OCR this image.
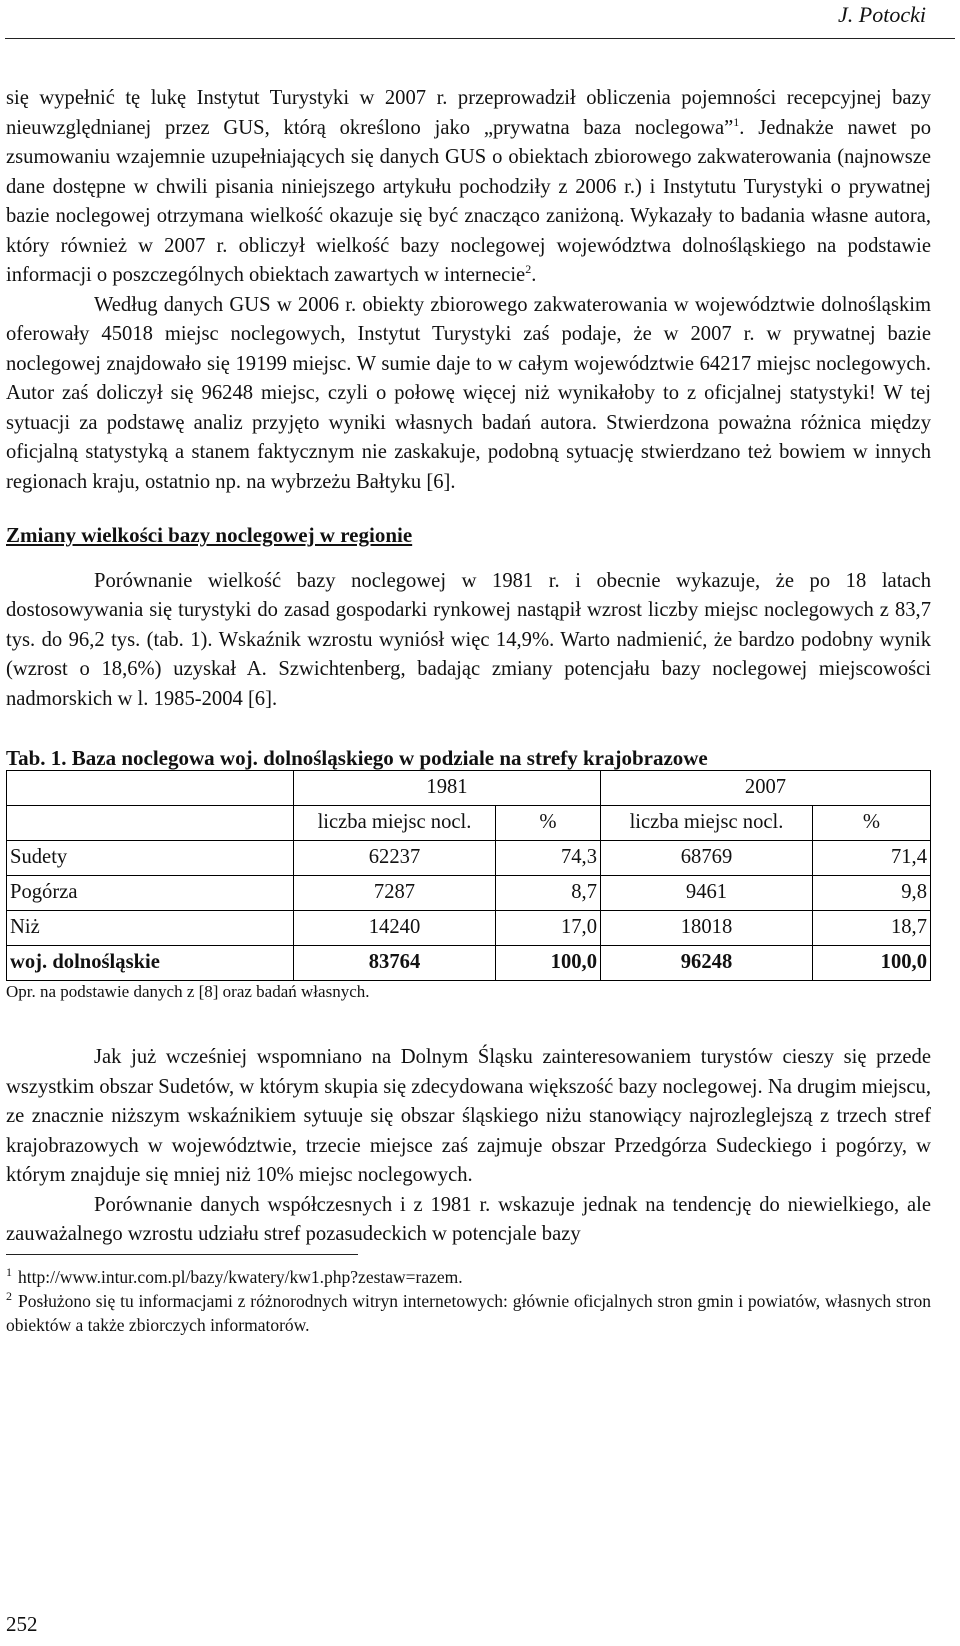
J. Potocki

się wypełnić tę lukę Instytut Turystyki w 2007 r. przeprowadził obliczenia pojemności recepcyjnej bazy nieuwzględnianej przez GUS, którą określono jako „prywatna baza noclegowa”$^1$. Jednakże nawet po zsumowaniu wzajemnie uzupełniających się danych GUS o obiektach zbiorowego zakwaterowania (najnowsze dane dostępne w chwili pisania niniejszego artykułu pochodziły z 2006 r.) i Instytutu Turystyki o prywatnej bazie noclegowej otrzymana wielkość okazuje się być znacząco zaniżoną. Wykazały to badania własne autora, który również w 2007 r. obliczył wielkość bazy noclegowej województwa dolnośląskiego na podstawie informacji o poszczególnych obiektach zawartych w internecie$^2$.

Według danych GUS w 2006 r. obiekty zbiorowego zakwaterowania w województwie dolnośląskim oferowały 45018 miejsc noclegowych, Instytut Turystyki zaś podaje, że w 2007 r. w prywatnej bazie noclegowej znajdowało się 19199 miejsc. W sumie daje to w całym województwie 64217 miejsc noclegowych. Autor zaś doliczył się 96248 miejsc, czyli o połowę więcej niż wynikałoby to z oficjalnej statystyki! W tej sytuacji za podstawę analiz przyjęto wyniki własnych badań autora. Stwierdzona poważna różnica między oficjalną statystyką a stanem faktycznym nie zaskakuje, podobną sytuację stwierdzano też bowiem w innych regionach kraju, ostatnio np. na wybrzeżu Bałtyku [6].

Zmiany wielkości bazy noclegowej w regionie

Porównanie wielkość bazy noclegowej w 1981 r. i obecnie wykazuje, że po 18 latach dostosowywania się turystyki do zasad gospodarki rynkowej nastąpił wzrost liczby miejsc noclegowych z 83,7 tys. do 96,2 tys. (tab. 1). Wskaźnik wzrostu wyniósł więc 14,9%. Warto nadmienić, że bardzo podobny wynik (wzrost o 18,6%) uzyskał A. Szwichtenberg, badając zmiany potencjału bazy noclegowej miejscowości nadmorskich w l. 1985-2004 [6].

Tab. 1. Baza noclegowa woj. dolnośląskiego w podziale na strefy krajobrazowe

	1981		2007	
	liczba miejsc nocl.	%	liczba miejsc nocl.	%
Sudety	62237	74,3	68769	71,4
Pogórza	7287	8,7	9461	9,8
Niż	14240	17,0	18018	18,7
woj. dolnośląskie	83764	100,0	96248	100,0

Opr. na podstawie danych z [8] oraz badań własnych.

Jak już wcześniej wspomniano na Dolnym Śląsku zainteresowaniem turystów cieszy się przede wszystkim obszar Sudetów, w którym skupia się zdecydowana większość bazy noclegowej. Na drugim miejscu, ze znacznie niższym wskaźnikiem sytuuje się obszar śląskiego niżu stanowiący najrozleglejszą z trzech stref krajobrazowych w województwie, trzecie miejsce zaś zajmuje obszar Przedgórza Sudeckiego i pogórzy, w którym znajduje się mniej niż 10% miejsc noclegowych.

Porównanie danych współczesnych i z 1981 r. wskazuje jednak na tendencję do niewielkiego, ale zauważalnego wzrostu udziału stref pozasudeckich w potencjale bazy

$^1$ http://www.intur.com.pl/bazy/kwatery/kw1.php?zestaw=razem.

$^2$ Posłużono się tu informacjami z różnorodnych witryn internetowych: głównie oficjalnych stron gmin i powiatów, własnych stron obiektów a także zbiorczych informatorów.

252
